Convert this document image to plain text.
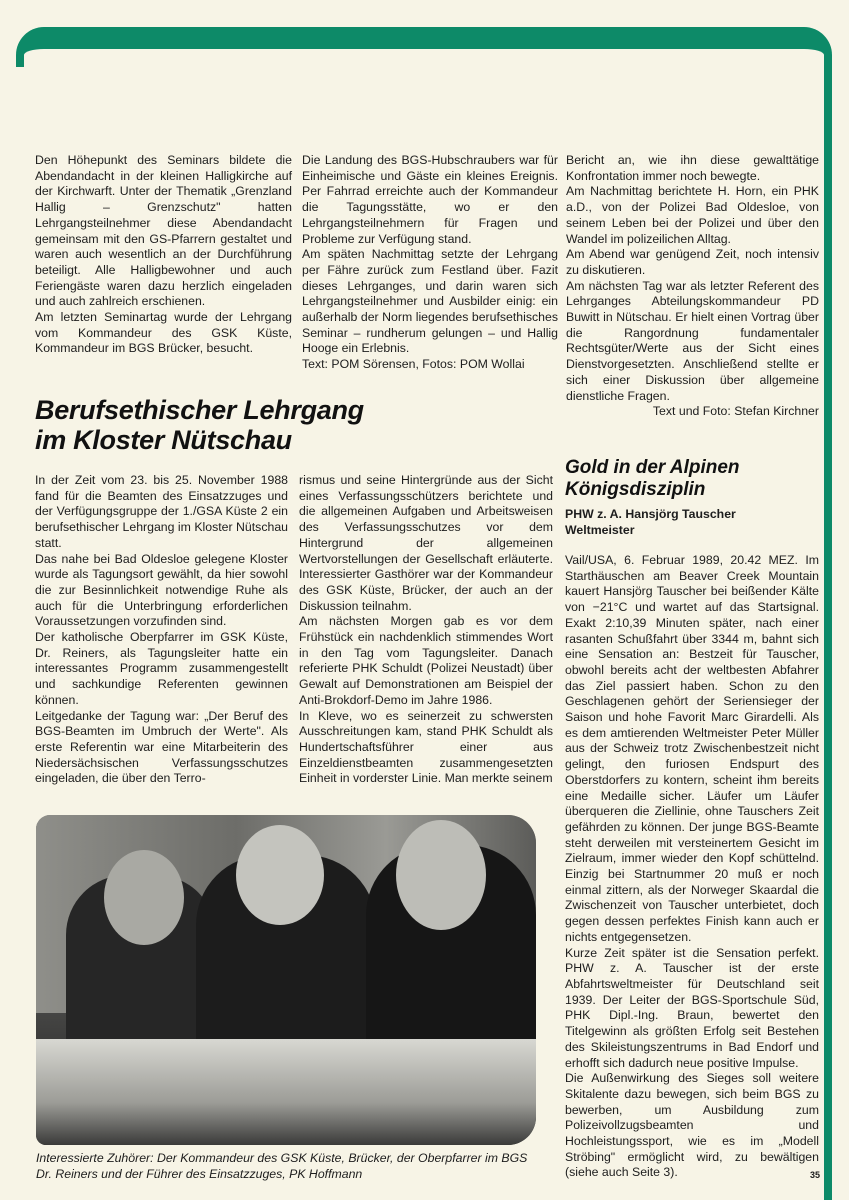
Den Höhepunkt des Seminars bildete die Abendandacht in der kleinen Halligkirche auf der Kirchwarft. Unter der Thematik „Grenzland Hallig – Grenzschutz" hatten Lehrgangsteilnehmer diese Abendandacht gemeinsam mit den GS-Pfarrern gestaltet und waren auch wesentlich an der Durchführung beteiligt. Alle Halligbewohner und auch Feriengäste waren dazu herzlich eingeladen und auch zahlreich erschienen.

Am letzten Seminartag wurde der Lehrgang vom Kommandeur des GSK Küste, Kommandeur im BGS Brücker, besucht.

Die Landung des BGS-Hubschraubers war für Einheimische und Gäste ein kleines Ereignis. Per Fahrrad erreichte auch der Kommandeur die Tagungsstätte, wo er den Lehrgangsteilnehmern für Fragen und Probleme zur Verfügung stand.

Am späten Nachmittag setzte der Lehrgang per Fähre zurück zum Festland über. Fazit dieses Lehrganges, und darin waren sich Lehrgangsteilnehmer und Ausbilder einig: ein außerhalb der Norm liegendes berufsethisches Seminar – rundherum gelungen – und Hallig Hooge ein Erlebnis.

Text: POM Sörensen, Fotos: POM Wollai

Bericht an, wie ihn diese gewalttätige Konfrontation immer noch bewegte.

Am Nachmittag berichtete H. Horn, ein PHK a.D., von der Polizei Bad Oldesloe, von seinem Leben bei der Polizei und über den Wandel im polizeilichen Alltag.

Am Abend war genügend Zeit, noch intensiv zu diskutieren.

Am nächsten Tag war als letzter Referent des Lehrganges Abteilungskommandeur PD Buwitt in Nütschau. Er hielt einen Vortrag über die Rangordnung fundamentaler Rechtsgüter/Werte aus der Sicht eines Dienstvorgesetzten. Anschließend stellte er sich einer Diskussion über allgemeine dienstliche Fragen.

Text und Foto: Stefan Kirchner

Berufsethischer Lehrgang
im Kloster Nütschau

In der Zeit vom 23. bis 25. November 1988 fand für die Beamten des Einsatzzuges und der Verfügungsgruppe der 1./GSA Küste 2 ein berufsethischer Lehrgang im Kloster Nütschau statt.

Das nahe bei Bad Oldesloe gelegene Kloster wurde als Tagungsort gewählt, da hier sowohl die zur Besinnlichkeit notwendige Ruhe als auch für die Unterbringung erforderlichen Voraussetzungen vorzufinden sind.

Der katholische Oberpfarrer im GSK Küste, Dr. Reiners, als Tagungsleiter hatte ein interessantes Programm zusammengestellt und sachkundige Referenten gewinnen können.

Leitgedanke der Tagung war: „Der Beruf des BGS-Beamten im Umbruch der Werte". Als erste Referentin war eine Mitarbeiterin des Niedersächsischen Verfassungsschutzes eingeladen, die über den Terro-

rismus und seine Hintergründe aus der Sicht eines Verfassungsschützers berichtete und die allgemeinen Aufgaben und Arbeitsweisen des Verfassungsschutzes vor dem Hintergrund der allgemeinen Wertvorstellungen der Gesellschaft erläuterte. Interessierter Gasthörer war der Kommandeur des GSK Küste, Brücker, der auch an der Diskussion teilnahm.

Am nächsten Morgen gab es vor dem Frühstück ein nachdenklich stimmendes Wort in den Tag vom Tagungsleiter. Danach referierte PHK Schuldt (Polizei Neustadt) über Gewalt auf Demonstrationen am Beispiel der Anti-Brokdorf-Demo im Jahre 1986.

In Kleve, wo es seinerzeit zu schwersten Ausschreitungen kam, stand PHK Schuldt als Hundertschaftsführer einer aus Einzeldienstbeamten zusammengesetzten Einheit in vorderster Linie. Man merkte seinem

Interessierte Zuhörer: Der Kommandeur des GSK Küste, Brücker, der Oberpfarrer im BGS Dr. Reiners und der Führer des Einsatzzuges, PK Hoffmann
Gold in der Alpinen
Königsdisziplin
PHW z. A. Hansjörg Tauscher
Weltmeister

Vail/USA, 6. Februar 1989, 20.42 MEZ. Im Starthäuschen am Beaver Creek Mountain kauert Hansjörg Tauscher bei beißender Kälte von −21°C und wartet auf das Startsignal. Exakt 2:10,39 Minuten später, nach einer rasanten Schußfahrt über 3344 m, bahnt sich eine Sensation an: Bestzeit für Tauscher, obwohl bereits acht der weltbesten Abfahrer das Ziel passiert haben. Schon zu den Geschlagenen gehört der Seriensieger der Saison und hohe Favorit Marc Girardelli. Als es dem amtierenden Weltmeister Peter Müller aus der Schweiz trotz Zwischenbestzeit nicht gelingt, den furiosen Endspurt des Oberstdorfers zu kontern, scheint ihm bereits eine Medaille sicher. Läufer um Läufer überqueren die Ziellinie, ohne Tauschers Zeit gefährden zu können. Der junge BGS-Beamte steht derweilen mit versteinertem Gesicht im Zielraum, immer wieder den Kopf schüttelnd. Einzig bei Startnummer 20 muß er noch einmal zittern, als der Norweger Skaardal die Zwischenzeit von Tauscher unterbietet, doch gegen dessen perfektes Finish kann auch er nichts entgegensetzen.

Kurze Zeit später ist die Sensation perfekt. PHW z. A. Tauscher ist der erste Abfahrtsweltmeister für Deutschland seit 1939. Der Leiter der BGS-Sportschule Süd, PHK Dipl.-Ing. Braun, bewertet den Titelgewinn als größten Erfolg seit Bestehen des Skileistungszentrums in Bad Endorf und erhofft sich dadurch neue positive Impulse.

Die Außenwirkung des Sieges soll weitere Skitalente dazu bewegen, sich beim BGS zu bewerben, um Ausbildung zum Polizeivollzugsbeamten und Hochleistungssport, wie es im „Modell Ströbing" ermöglicht wird, zu bewältigen (siehe auch Seite 3).	35
